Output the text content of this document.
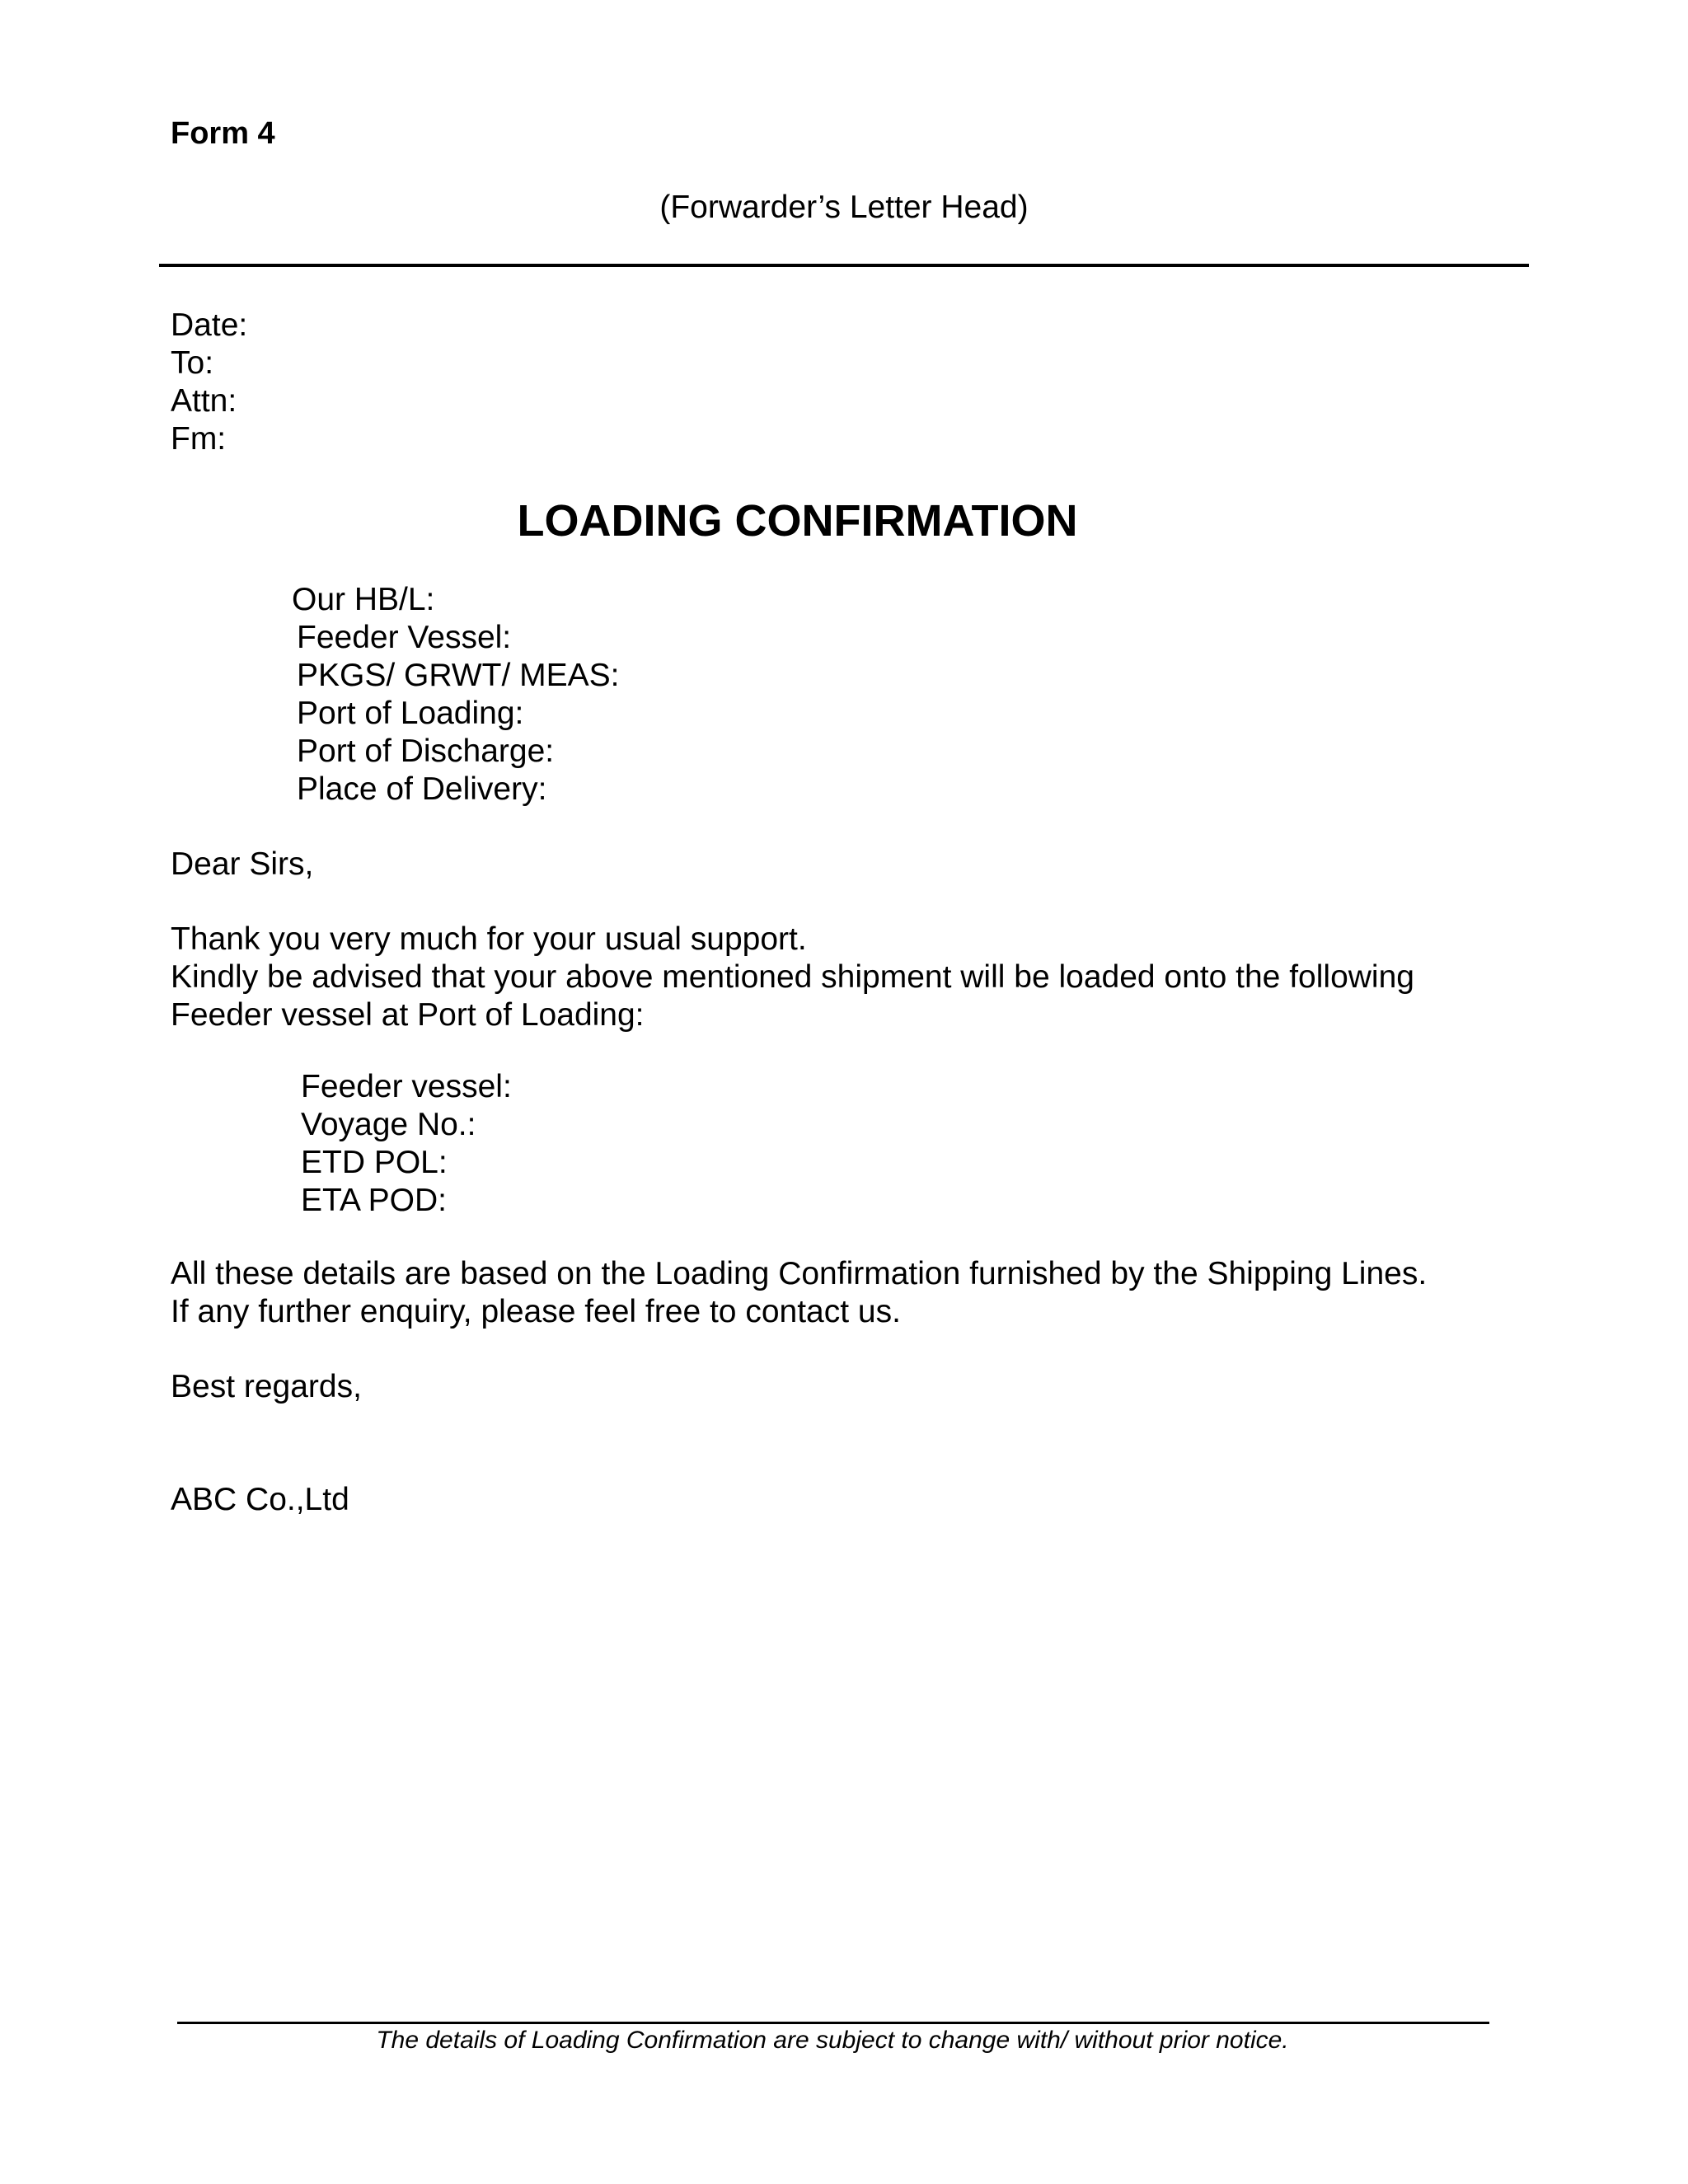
Form 4
(Forwarder’s Letter Head)
Date:
To:
Attn:
Fm:
LOADING CONFIRMATION
Our HB/L:
Feeder Vessel:
PKGS/ GRWT/ MEAS:
Port of Loading:
Port of Discharge:
Place of Delivery:
Dear Sirs,
Thank you very much for your usual support.
Kindly be advised that your above mentioned shipment will be loaded onto the following
Feeder vessel at Port of Loading:
Feeder vessel:
Voyage No.:
ETD POL:
ETA POD:
All these details are based on the Loading Confirmation furnished by the Shipping Lines.
If any further enquiry, please feel free to contact us.
Best regards,
ABC Co.,Ltd
The details of Loading Confirmation are subject to change with/ without prior notice.
